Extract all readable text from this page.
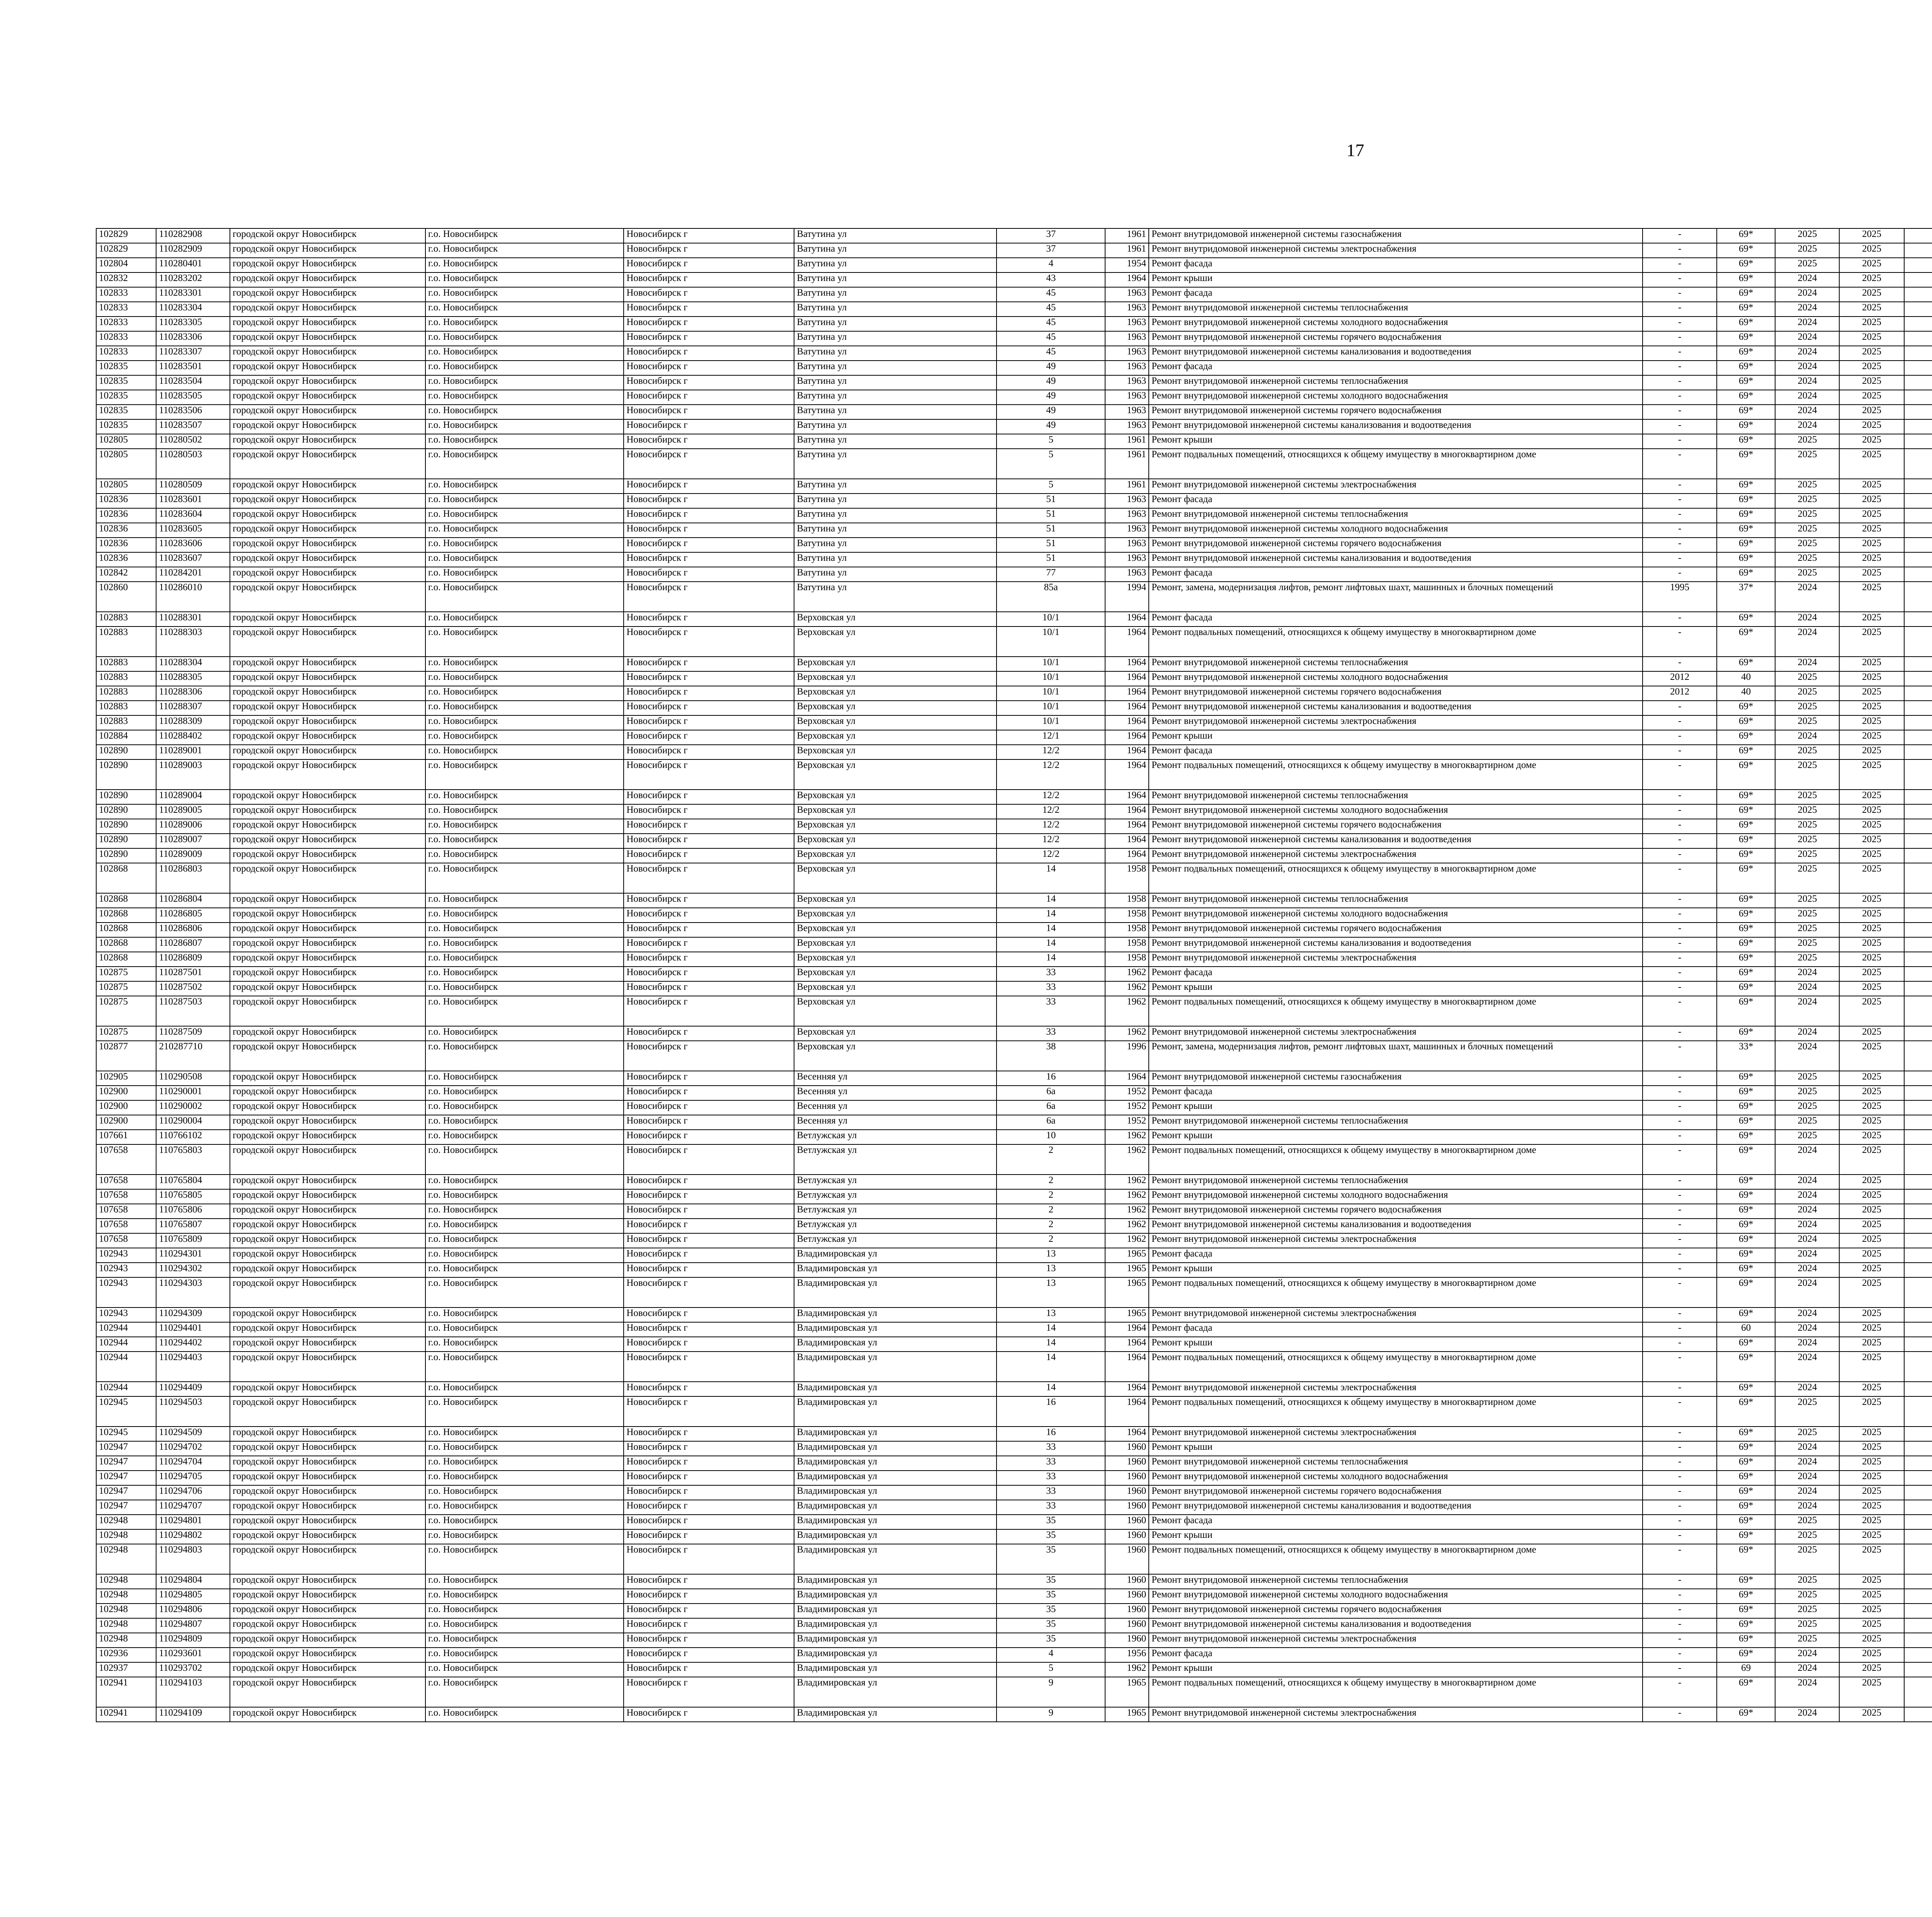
17
102829	110282908	городской округ Новосибирск	г.о. Новосибирск	Новосибирск г	Ватутина ул	37	1961	Ремонт внутридомовой инженерной системы газоснабжения	-	69*	2025	2025							
102829	110282909	городской округ Новосибирск	г.о. Новосибирск	Новосибирск г	Ватутина ул	37	1961	Ремонт внутридомовой инженерной системы электроснабжения	-	69*	2025	2025							
102804	110280401	городской округ Новосибирск	г.о. Новосибирск	Новосибирск г	Ватутина ул	4	1954	Ремонт фасада	-	69*	2025	2025							
102832	110283202	городской округ Новосибирск	г.о. Новосибирск	Новосибирск г	Ватутина ул	43	1964	Ремонт крыши	-	69*	2024	2025							
102833	110283301	городской округ Новосибирск	г.о. Новосибирск	Новосибирск г	Ватутина ул	45	1963	Ремонт фасада	-	69*	2024	2025							
102833	110283304	городской округ Новосибирск	г.о. Новосибирск	Новосибирск г	Ватутина ул	45	1963	Ремонт внутридомовой инженерной системы теплоснабжения	-	69*	2024	2025							
102833	110283305	городской округ Новосибирск	г.о. Новосибирск	Новосибирск г	Ватутина ул	45	1963	Ремонт внутридомовой инженерной системы холодного водоснабжения	-	69*	2024	2025							
102833	110283306	городской округ Новосибирск	г.о. Новосибирск	Новосибирск г	Ватутина ул	45	1963	Ремонт внутридомовой инженерной системы горячего водоснабжения	-	69*	2024	2025							
102833	110283307	городской округ Новосибирск	г.о. Новосибирск	Новосибирск г	Ватутина ул	45	1963	Ремонт внутридомовой инженерной системы канализования и водоотведения	-	69*	2024	2025							
102835	110283501	городской округ Новосибирск	г.о. Новосибирск	Новосибирск г	Ватутина ул	49	1963	Ремонт фасада	-	69*	2024	2025							
102835	110283504	городской округ Новосибирск	г.о. Новосибирск	Новосибирск г	Ватутина ул	49	1963	Ремонт внутридомовой инженерной системы теплоснабжения	-	69*	2024	2025							
102835	110283505	городской округ Новосибирск	г.о. Новосибирск	Новосибирск г	Ватутина ул	49	1963	Ремонт внутридомовой инженерной системы холодного водоснабжения	-	69*	2024	2025							
102835	110283506	городской округ Новосибирск	г.о. Новосибирск	Новосибирск г	Ватутина ул	49	1963	Ремонт внутридомовой инженерной системы горячего водоснабжения	-	69*	2024	2025							
102835	110283507	городской округ Новосибирск	г.о. Новосибирск	Новосибирск г	Ватутина ул	49	1963	Ремонт внутридомовой инженерной системы канализования и водоотведения	-	69*	2024	2025							
102805	110280502	городской округ Новосибирск	г.о. Новосибирск	Новосибирск г	Ватутина ул	5	1961	Ремонт крыши	-	69*	2025	2025							
102805	110280503	городской округ Новосибирск	г.о. Новосибирск	Новосибирск г	Ватутина ул	5	1961	Ремонт подвальных помещений, относящихся к общему имуществу в многоквартирном доме	-	69*	2025	2025							
102805	110280509	городской округ Новосибирск	г.о. Новосибирск	Новосибирск г	Ватутина ул	5	1961	Ремонт внутридомовой инженерной системы электроснабжения	-	69*	2025	2025							
102836	110283601	городской округ Новосибирск	г.о. Новосибирск	Новосибирск г	Ватутина ул	51	1963	Ремонт фасада	-	69*	2025	2025							
102836	110283604	городской округ Новосибирск	г.о. Новосибирск	Новосибирск г	Ватутина ул	51	1963	Ремонт внутридомовой инженерной системы теплоснабжения	-	69*	2025	2025							
102836	110283605	городской округ Новосибирск	г.о. Новосибирск	Новосибирск г	Ватутина ул	51	1963	Ремонт внутридомовой инженерной системы холодного водоснабжения	-	69*	2025	2025							
102836	110283606	городской округ Новосибирск	г.о. Новосибирск	Новосибирск г	Ватутина ул	51	1963	Ремонт внутридомовой инженерной системы горячего водоснабжения	-	69*	2025	2025							
102836	110283607	городской округ Новосибирск	г.о. Новосибирск	Новосибирск г	Ватутина ул	51	1963	Ремонт внутридомовой инженерной системы канализования и водоотведения	-	69*	2025	2025							
102842	110284201	городской округ Новосибирск	г.о. Новосибирск	Новосибирск г	Ватутина ул	77	1963	Ремонт фасада	-	69*	2025	2025							
102860	110286010	городской округ Новосибирск	г.о. Новосибирск	Новосибирск г	Ватутина ул	85а	1994	Ремонт, замена, модернизация лифтов, ремонт лифтовых шахт, машинных и блочных помещений	1995	37*	2024	2025							
102883	110288301	городской округ Новосибирск	г.о. Новосибирск	Новосибирск г	Верховская ул	10/1	1964	Ремонт фасада	-	69*	2024	2025							
102883	110288303	городской округ Новосибирск	г.о. Новосибирск	Новосибирск г	Верховская ул	10/1	1964	Ремонт подвальных помещений, относящихся к общему имуществу в многоквартирном доме	-	69*	2024	2025							
102883	110288304	городской округ Новосибирск	г.о. Новосибирск	Новосибирск г	Верховская ул	10/1	1964	Ремонт внутридомовой инженерной системы теплоснабжения	-	69*	2024	2025							
102883	110288305	городской округ Новосибирск	г.о. Новосибирск	Новосибирск г	Верховская ул	10/1	1964	Ремонт внутридомовой инженерной системы холодного водоснабжения	2012	40	2025	2025							
102883	110288306	городской округ Новосибирск	г.о. Новосибирск	Новосибирск г	Верховская ул	10/1	1964	Ремонт внутридомовой инженерной системы горячего водоснабжения	2012	40	2025	2025							
102883	110288307	городской округ Новосибирск	г.о. Новосибирск	Новосибирск г	Верховская ул	10/1	1964	Ремонт внутридомовой инженерной системы канализования и водоотведения	-	69*	2025	2025							
102883	110288309	городской округ Новосибирск	г.о. Новосибирск	Новосибирск г	Верховская ул	10/1	1964	Ремонт внутридомовой инженерной системы электроснабжения	-	69*	2025	2025							
102884	110288402	городской округ Новосибирск	г.о. Новосибирск	Новосибирск г	Верховская ул	12/1	1964	Ремонт крыши	-	69*	2024	2025							
102890	110289001	городской округ Новосибирск	г.о. Новосибирск	Новосибирск г	Верховская ул	12/2	1964	Ремонт фасада	-	69*	2025	2025							
102890	110289003	городской округ Новосибирск	г.о. Новосибирск	Новосибирск г	Верховская ул	12/2	1964	Ремонт подвальных помещений, относящихся к общему имуществу в многоквартирном доме	-	69*	2025	2025							
102890	110289004	городской округ Новосибирск	г.о. Новосибирск	Новосибирск г	Верховская ул	12/2	1964	Ремонт внутридомовой инженерной системы теплоснабжения	-	69*	2025	2025							
102890	110289005	городской округ Новосибирск	г.о. Новосибирск	Новосибирск г	Верховская ул	12/2	1964	Ремонт внутридомовой инженерной системы холодного водоснабжения	-	69*	2025	2025							
102890	110289006	городской округ Новосибирск	г.о. Новосибирск	Новосибирск г	Верховская ул	12/2	1964	Ремонт внутридомовой инженерной системы горячего водоснабжения	-	69*	2025	2025							
102890	110289007	городской округ Новосибирск	г.о. Новосибирск	Новосибирск г	Верховская ул	12/2	1964	Ремонт внутридомовой инженерной системы канализования и водоотведения	-	69*	2025	2025							
102890	110289009	городской округ Новосибирск	г.о. Новосибирск	Новосибирск г	Верховская ул	12/2	1964	Ремонт внутридомовой инженерной системы электроснабжения	-	69*	2025	2025							
102868	110286803	городской округ Новосибирск	г.о. Новосибирск	Новосибирск г	Верховская ул	14	1958	Ремонт подвальных помещений, относящихся к общему имуществу в многоквартирном доме	-	69*	2025	2025							
102868	110286804	городской округ Новосибирск	г.о. Новосибирск	Новосибирск г	Верховская ул	14	1958	Ремонт внутридомовой инженерной системы теплоснабжения	-	69*	2025	2025							
102868	110286805	городской округ Новосибирск	г.о. Новосибирск	Новосибирск г	Верховская ул	14	1958	Ремонт внутридомовой инженерной системы холодного водоснабжения	-	69*	2025	2025							
102868	110286806	городской округ Новосибирск	г.о. Новосибирск	Новосибирск г	Верховская ул	14	1958	Ремонт внутридомовой инженерной системы горячего водоснабжения	-	69*	2025	2025							
102868	110286807	городской округ Новосибирск	г.о. Новосибирск	Новосибирск г	Верховская ул	14	1958	Ремонт внутридомовой инженерной системы канализования и водоотведения	-	69*	2025	2025							
102868	110286809	городской округ Новосибирск	г.о. Новосибирск	Новосибирск г	Верховская ул	14	1958	Ремонт внутридомовой инженерной системы электроснабжения	-	69*	2025	2025							
102875	110287501	городской округ Новосибирск	г.о. Новосибирск	Новосибирск г	Верховская ул	33	1962	Ремонт фасада	-	69*	2024	2025							
102875	110287502	городской округ Новосибирск	г.о. Новосибирск	Новосибирск г	Верховская ул	33	1962	Ремонт крыши	-	69*	2024	2025							
102875	110287503	городской округ Новосибирск	г.о. Новосибирск	Новосибирск г	Верховская ул	33	1962	Ремонт подвальных помещений, относящихся к общему имуществу в многоквартирном доме	-	69*	2024	2025							
102875	110287509	городской округ Новосибирск	г.о. Новосибирск	Новосибирск г	Верховская ул	33	1962	Ремонт внутридомовой инженерной системы электроснабжения	-	69*	2024	2025							
102877	210287710	городской округ Новосибирск	г.о. Новосибирск	Новосибирск г	Верховская ул	38	1996	Ремонт, замена, модернизация лифтов, ремонт лифтовых шахт, машинных и блочных помещений	-	33*	2024	2025							
102905	110290508	городской округ Новосибирск	г.о. Новосибирск	Новосибирск г	Весенняя ул	16	1964	Ремонт внутридомовой инженерной системы газоснабжения	-	69*	2025	2025							
102900	110290001	городской округ Новосибирск	г.о. Новосибирск	Новосибирск г	Весенняя ул	6а	1952	Ремонт фасада	-	69*	2025	2025							
102900	110290002	городской округ Новосибирск	г.о. Новосибирск	Новосибирск г	Весенняя ул	6а	1952	Ремонт крыши	-	69*	2025	2025							
102900	110290004	городской округ Новосибирск	г.о. Новосибирск	Новосибирск г	Весенняя ул	6а	1952	Ремонт внутридомовой инженерной системы теплоснабжения	-	69*	2025	2025							
107661	110766102	городской округ Новосибирск	г.о. Новосибирск	Новосибирск г	Ветлужская ул	10	1962	Ремонт крыши	-	69*	2025	2025							
107658	110765803	городской округ Новосибирск	г.о. Новосибирск	Новосибирск г	Ветлужская ул	2	1962	Ремонт подвальных помещений, относящихся к общему имуществу в многоквартирном доме	-	69*	2024	2025							
107658	110765804	городской округ Новосибирск	г.о. Новосибирск	Новосибирск г	Ветлужская ул	2	1962	Ремонт внутридомовой инженерной системы теплоснабжения	-	69*	2024	2025							
107658	110765805	городской округ Новосибирск	г.о. Новосибирск	Новосибирск г	Ветлужская ул	2	1962	Ремонт внутридомовой инженерной системы холодного водоснабжения	-	69*	2024	2025							
107658	110765806	городской округ Новосибирск	г.о. Новосибирск	Новосибирск г	Ветлужская ул	2	1962	Ремонт внутридомовой инженерной системы горячего водоснабжения	-	69*	2024	2025							
107658	110765807	городской округ Новосибирск	г.о. Новосибирск	Новосибирск г	Ветлужская ул	2	1962	Ремонт внутридомовой инженерной системы канализования и водоотведения	-	69*	2024	2025							
107658	110765809	городской округ Новосибирск	г.о. Новосибирск	Новосибирск г	Ветлужская ул	2	1962	Ремонт внутридомовой инженерной системы электроснабжения	-	69*	2024	2025							
102943	110294301	городской округ Новосибирск	г.о. Новосибирск	Новосибирск г	Владимировская ул	13	1965	Ремонт фасада	-	69*	2024	2025							
102943	110294302	городской округ Новосибирск	г.о. Новосибирск	Новосибирск г	Владимировская ул	13	1965	Ремонт крыши	-	69*	2024	2025							
102943	110294303	городской округ Новосибирск	г.о. Новосибирск	Новосибирск г	Владимировская ул	13	1965	Ремонт подвальных помещений, относящихся к общему имуществу в многоквартирном доме	-	69*	2024	2025							
102943	110294309	городской округ Новосибирск	г.о. Новосибирск	Новосибирск г	Владимировская ул	13	1965	Ремонт внутридомовой инженерной системы электроснабжения	-	69*	2024	2025							
102944	110294401	городской округ Новосибирск	г.о. Новосибирск	Новосибирск г	Владимировская ул	14	1964	Ремонт фасада	-	60	2024	2025							
102944	110294402	городской округ Новосибирск	г.о. Новосибирск	Новосибирск г	Владимировская ул	14	1964	Ремонт крыши	-	69*	2024	2025							
102944	110294403	городской округ Новосибирск	г.о. Новосибирск	Новосибирск г	Владимировская ул	14	1964	Ремонт подвальных помещений, относящихся к общему имуществу в многоквартирном доме	-	69*	2024	2025							
102944	110294409	городской округ Новосибирск	г.о. Новосибирск	Новосибирск г	Владимировская ул	14	1964	Ремонт внутридомовой инженерной системы электроснабжения	-	69*	2024	2025							
102945	110294503	городской округ Новосибирск	г.о. Новосибирск	Новосибирск г	Владимировская ул	16	1964	Ремонт подвальных помещений, относящихся к общему имуществу в многоквартирном доме	-	69*	2025	2025							
102945	110294509	городской округ Новосибирск	г.о. Новосибирск	Новосибирск г	Владимировская ул	16	1964	Ремонт внутридомовой инженерной системы электроснабжения	-	69*	2025	2025							
102947	110294702	городской округ Новосибирск	г.о. Новосибирск	Новосибирск г	Владимировская ул	33	1960	Ремонт крыши	-	69*	2024	2025							
102947	110294704	городской округ Новосибирск	г.о. Новосибирск	Новосибирск г	Владимировская ул	33	1960	Ремонт внутридомовой инженерной системы теплоснабжения	-	69*	2024	2025							
102947	110294705	городской округ Новосибирск	г.о. Новосибирск	Новосибирск г	Владимировская ул	33	1960	Ремонт внутридомовой инженерной системы холодного водоснабжения	-	69*	2024	2025							
102947	110294706	городской округ Новосибирск	г.о. Новосибирск	Новосибирск г	Владимировская ул	33	1960	Ремонт внутридомовой инженерной системы горячего водоснабжения	-	69*	2024	2025							
102947	110294707	городской округ Новосибирск	г.о. Новосибирск	Новосибирск г	Владимировская ул	33	1960	Ремонт внутридомовой инженерной системы канализования и водоотведения	-	69*	2024	2025							
102948	110294801	городской округ Новосибирск	г.о. Новосибирск	Новосибирск г	Владимировская ул	35	1960	Ремонт фасада	-	69*	2025	2025							
102948	110294802	городской округ Новосибирск	г.о. Новосибирск	Новосибирск г	Владимировская ул	35	1960	Ремонт крыши	-	69*	2025	2025							
102948	110294803	городской округ Новосибирск	г.о. Новосибирск	Новосибирск г	Владимировская ул	35	1960	Ремонт подвальных помещений, относящихся к общему имуществу в многоквартирном доме	-	69*	2025	2025							
102948	110294804	городской округ Новосибирск	г.о. Новосибирск	Новосибирск г	Владимировская ул	35	1960	Ремонт внутридомовой инженерной системы теплоснабжения	-	69*	2025	2025							
102948	110294805	городской округ Новосибирск	г.о. Новосибирск	Новосибирск г	Владимировская ул	35	1960	Ремонт внутридомовой инженерной системы холодного водоснабжения	-	69*	2025	2025							
102948	110294806	городской округ Новосибирск	г.о. Новосибирск	Новосибирск г	Владимировская ул	35	1960	Ремонт внутридомовой инженерной системы горячего водоснабжения	-	69*	2025	2025							
102948	110294807	городской округ Новосибирск	г.о. Новосибирск	Новосибирск г	Владимировская ул	35	1960	Ремонт внутридомовой инженерной системы канализования и водоотведения	-	69*	2025	2025							
102948	110294809	городской округ Новосибирск	г.о. Новосибирск	Новосибирск г	Владимировская ул	35	1960	Ремонт внутридомовой инженерной системы электроснабжения	-	69*	2025	2025							
102936	110293601	городской округ Новосибирск	г.о. Новосибирск	Новосибирск г	Владимировская ул	4	1956	Ремонт фасада	-	69*	2024	2025							
102937	110293702	городской округ Новосибирск	г.о. Новосибирск	Новосибирск г	Владимировская ул	5	1962	Ремонт крыши	-	69	2024	2025							
102941	110294103	городской округ Новосибирск	г.о. Новосибирск	Новосибирск г	Владимировская ул	9	1965	Ремонт подвальных помещений, относящихся к общему имуществу в многоквартирном доме	-	69*	2024	2025							
102941	110294109	городской округ Новосибирск	г.о. Новосибирск	Новосибирск г	Владимировская ул	9	1965	Ремонт внутридомовой инженерной системы электроснабжения	-	69*	2024	2025							
